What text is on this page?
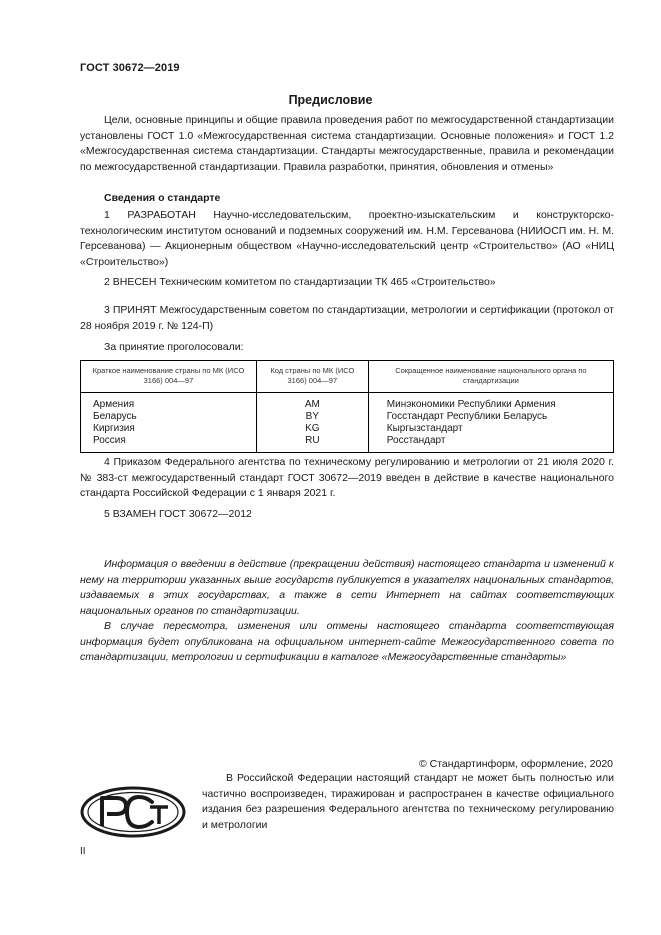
ГОСТ 30672—2019
Предисловие
Цели, основные принципы и общие правила проведения работ по межгосударственной стандартизации установлены ГОСТ 1.0 «Межгосударственная система стандартизации. Основные положения» и ГОСТ 1.2 «Межгосударственная система стандартизации. Стандарты межгосударственные, правила и рекомендации по межгосударственной стандартизации. Правила разработки, принятия, обновления и отмены»
Сведения о стандарте
1 РАЗРАБОТАН Научно-исследовательским, проектно-изыскательским и конструкторско-технологическим институтом оснований и подземных сооружений им. Н.М. Герсеванова (НИИОСП им. Н. М. Герсеванова) — Акционерным обществом «Научно-исследовательский центр «Строительство» (АО «НИЦ «Строительство»)
2 ВНЕСЕН Техническим комитетом по стандартизации ТК 465 «Строительство»
3 ПРИНЯТ Межгосударственным советом по стандартизации, метрологии и сертификации (протокол от 28 ноября 2019 г. № 124-П)
За принятие проголосовали:
Краткое наименование страны по МК (ИСО 3166) 004—97	Код страны по МК (ИСО 3166) 004—97	Сокращенное наименование национального органа по стандартизации
Армения	AM	Минэкономики Республики Армения
Беларусь	BY	Госстандарт Республики Беларусь
Киргизия	KG	Кыргызстандарт
Россия	RU	Росстандарт
4 Приказом Федерального агентства по техническому регулированию и метрологии от 21 июля 2020 г. № 383-ст межгосударственный стандарт ГОСТ 30672—2019 введен в действие в качестве национального стандарта Российской Федерации с 1 января 2021 г.
5 ВЗАМЕН ГОСТ 30672—2012
Информация о введении в действие (прекращении действия) настоящего стандарта и изменений к нему на территории указанных выше государств публикуется в указателях национальных стандартов, издаваемых в этих государствах, а также в сети Интернет на сайтах соответствующих национальных органов по стандартизации.
В случае пересмотра, изменения или отмены настоящего стандарта соответствующая информация будет опубликована на официальном интернет-сайте Межгосударственного совета по стандартизации, метрологии и сертификации в каталоге «Межгосударственные стандарты»
© Стандартинформ, оформление, 2020
В Российской Федерации настоящий стандарт не может быть полностью или частично воспроизведен, тиражирован и распространен в качестве официального издания без разрешения Федерального агентства по техническому регулированию и метрологии
II
